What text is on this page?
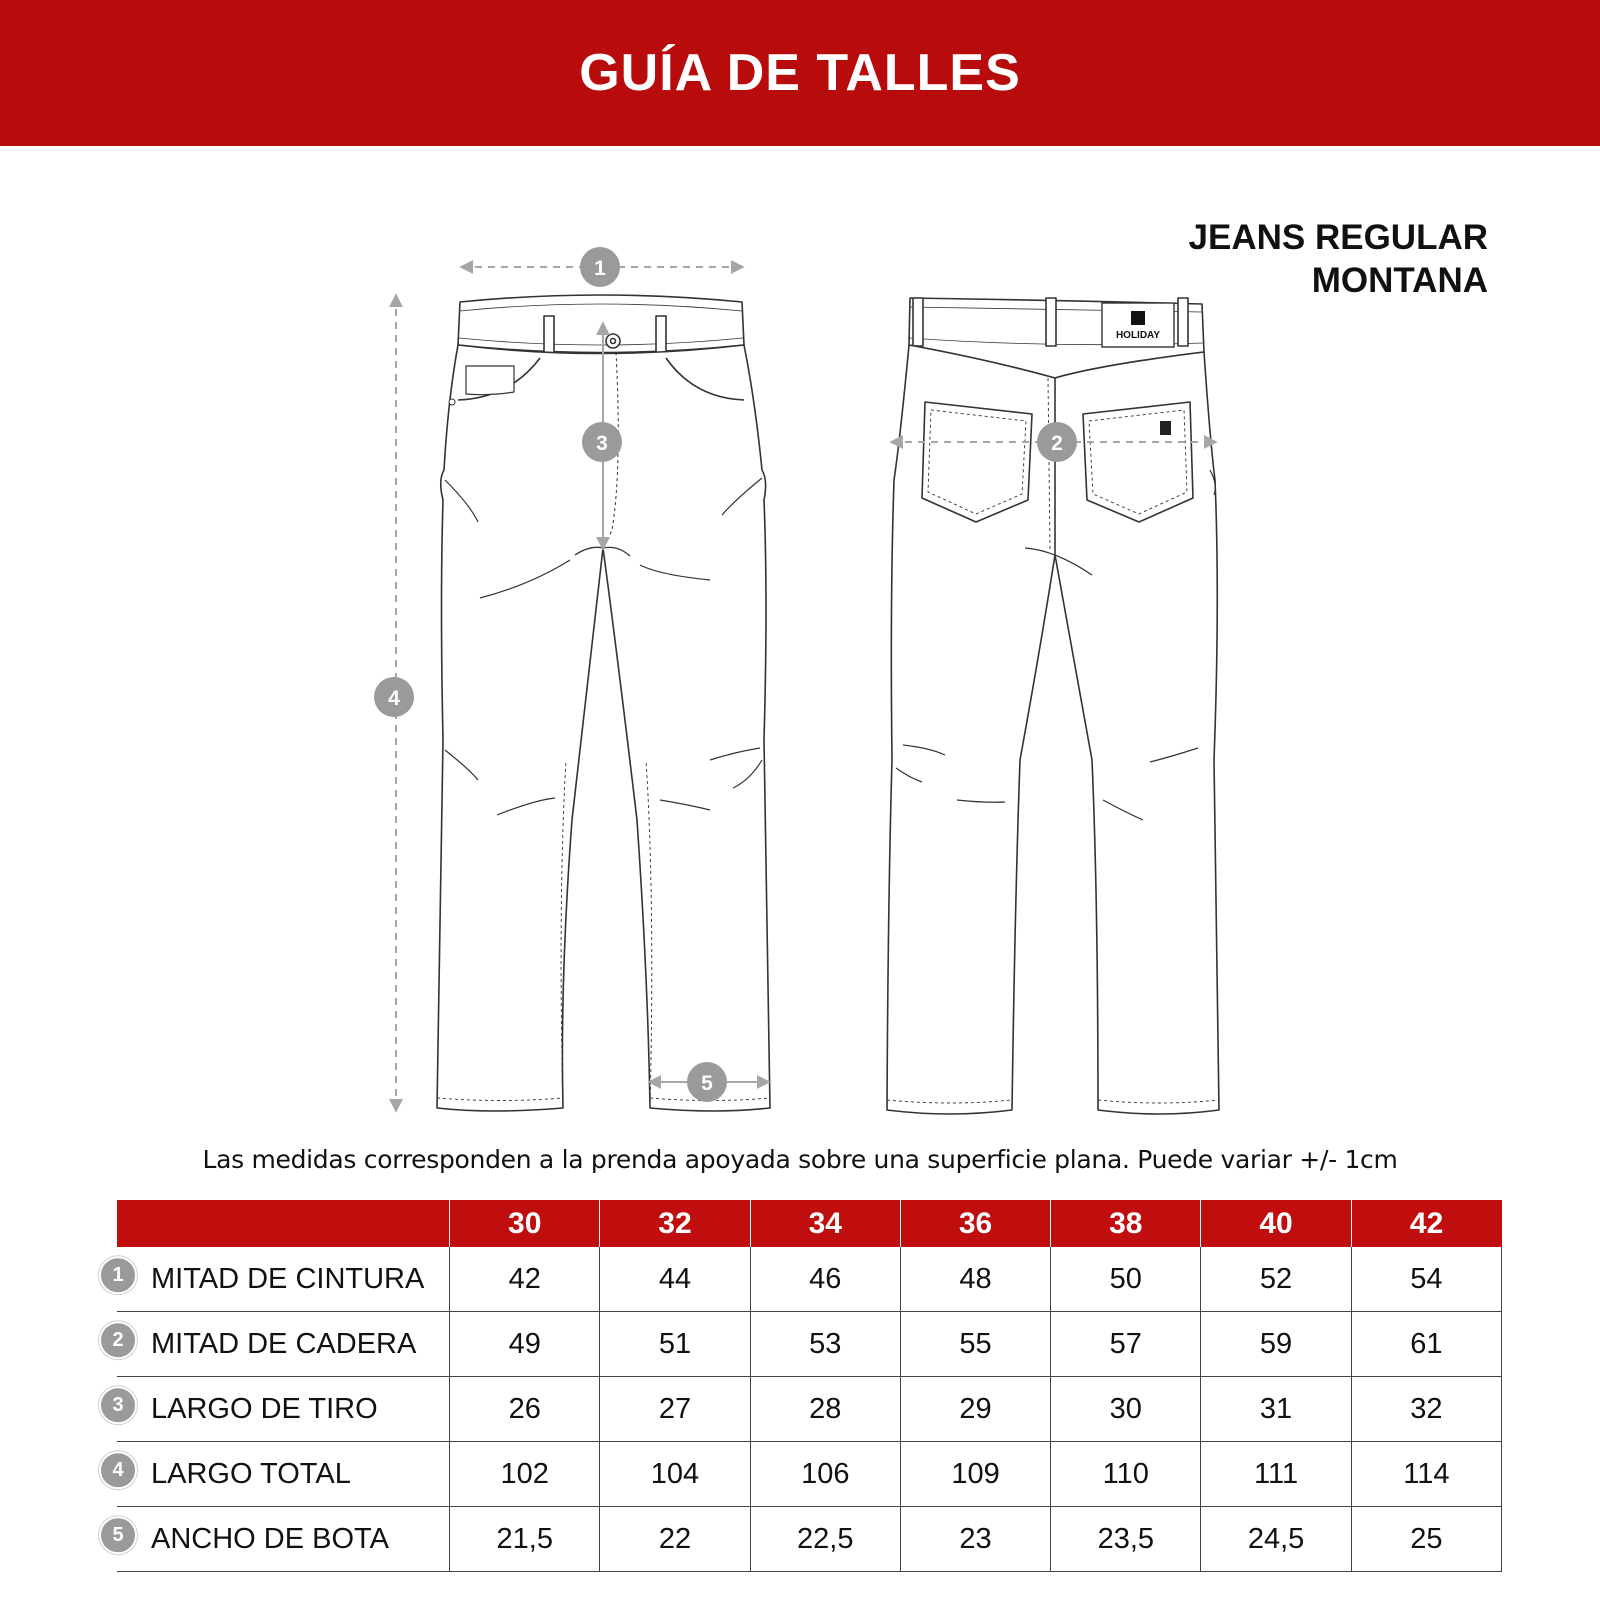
GUÍA DE TALLES
JEANS REGULAR
MONTANA
HOLIDAY
1
2
3
4
5
Las medidas corresponden a la prenda apoyada sobre una superficie plana. Puede variar +/- 1cm
	30	32	34	36	38	40	42

1 MITAD DE CINTURA	42	44	46	48	50	52	54

2 MITAD DE CADERA	49	51	53	55	57	59	61

3 LARGO DE TIRO	26	27	28	29	30	31	32

4 LARGO TOTAL	102	104	106	109	110	111	114

5 ANCHO DE BOTA	21,5	22	22,5	23	23,5	24,5	25
